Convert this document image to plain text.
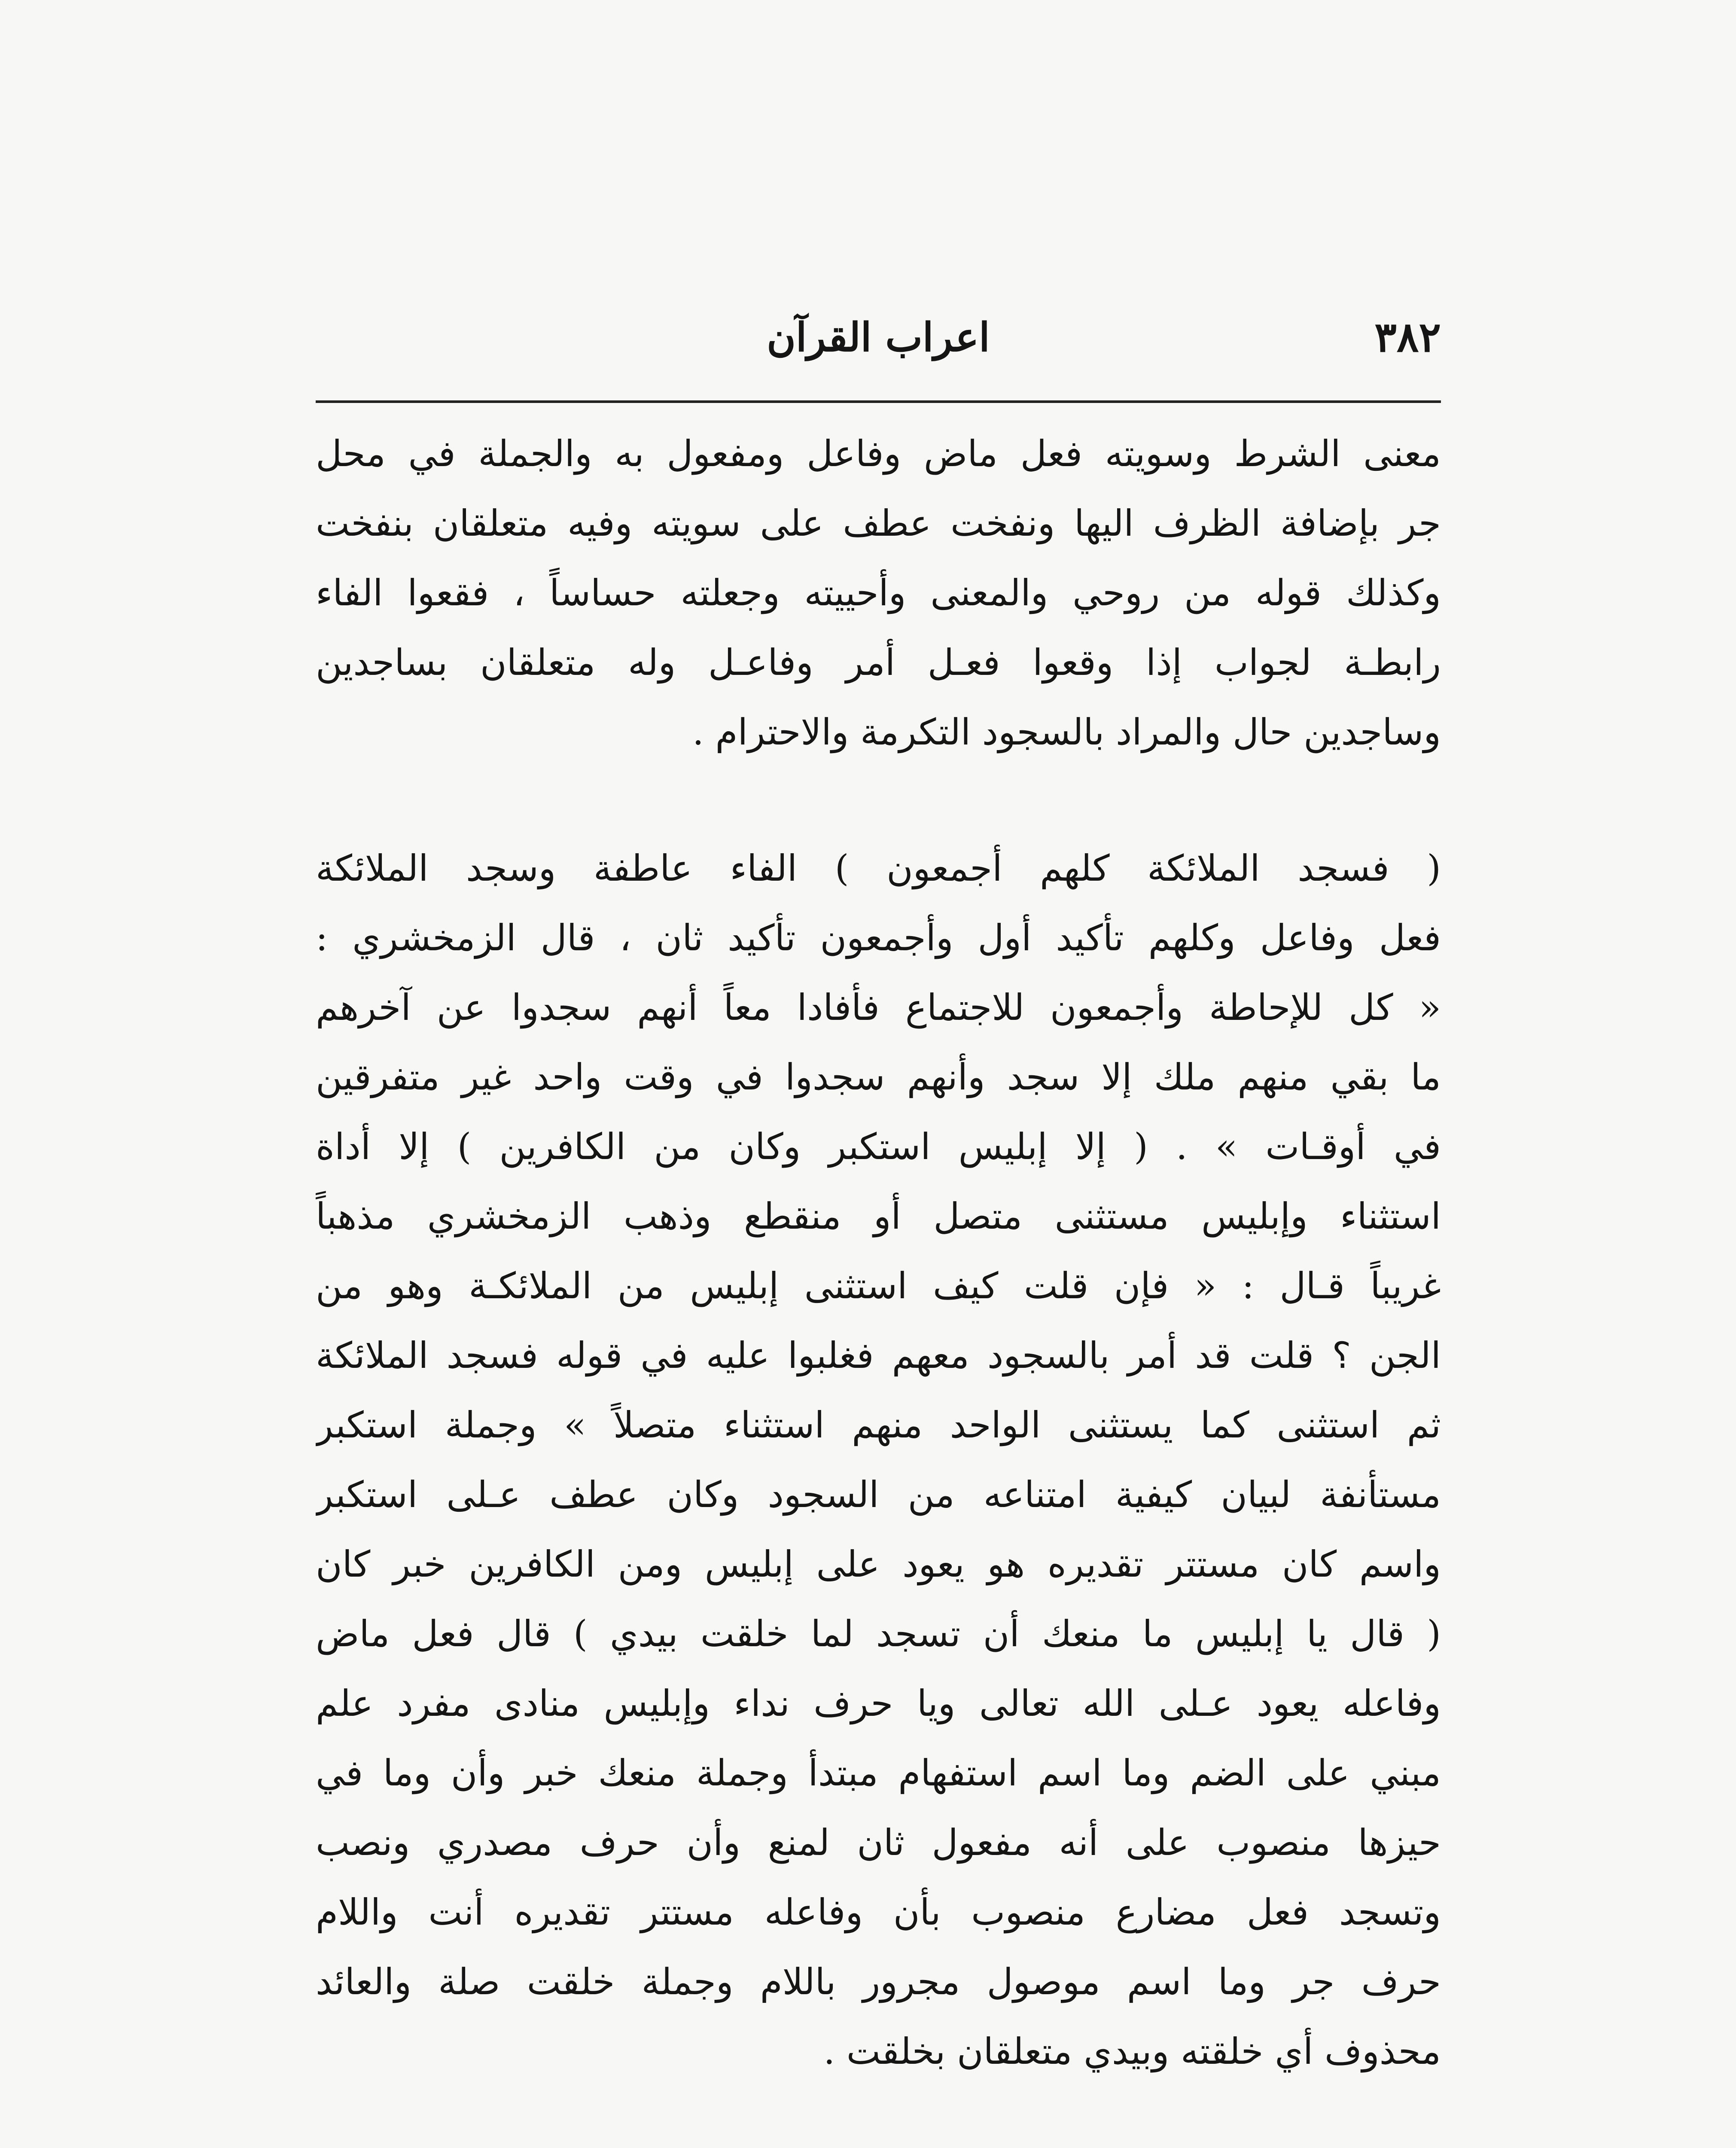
٣٨٢
اعراب القرآن
معنى الشرط وسويته فعل ماض وفاعل ومفعول به والجملة في محل
جر بإضافة الظرف اليها ونفخت عطف على سويته وفيه متعلقان بنفخت
وكذلك قوله من روحي والمعنى وأحييته وجعلته حساساً ، فقعوا الفاء
رابطـة لجواب إذا وقعوا فعـل أمر وفاعـل وله متعلقان بساجدين
وساجدين حال والمراد بالسجود التكرمة والاحترام .
( فسجد الملائكة كلهم أجمعون ) الفاء عاطفة وسجد الملائكة
فعل وفاعل وكلهم تأكيد أول وأجمعون تأكيد ثان ، قال الزمخشري :
« كل للإحاطة وأجمعون للاجتماع فأفادا معاً أنهم سجدوا عن آخرهم
ما بقي منهم ملك إلا سجد وأنهم سجدوا في وقت واحد غير متفرقين
في أوقـات » . ( إلا إبليس استكبر وكان من الكافرين ) إلا أداة
استثناء وإبليس مستثنى متصل أو منقطع وذهب الزمخشري مذهباً
غريباً قـال : « فإن قلت كيف استثنى إبليس من الملائكـة وهو من
الجن ؟ قلت قد أمر بالسجود معهم فغلبوا عليه في قوله فسجد الملائكة
ثم استثنى كما يستثنى الواحد منهم استثناء متصلاً » وجملة استكبر
مستأنفة لبيان كيفية امتناعه من السجود وكان عطف عـلى استكبر
واسم كان مستتر تقديره هو يعود على إبليس ومن الكافرين خبر كان
( قال يا إبليس ما منعك أن تسجد لما خلقت بيدي ) قال فعل ماض
وفاعله يعود عـلى الله تعالى ويا حرف نداء وإبليس منادى مفرد علم
مبني على الضم وما اسم استفهام مبتدأ وجملة منعك خبر وأن وما في
حيزها منصوب على أنه مفعول ثان لمنع وأن حرف مصدري ونصب
وتسجد فعل مضارع منصوب بأن وفاعله مستتر تقديره أنت واللام
حرف جر وما اسم موصول مجرور باللام وجملة خلقت صلة والعائد
محذوف أي خلقته وبيدي متعلقان بخلقت .
